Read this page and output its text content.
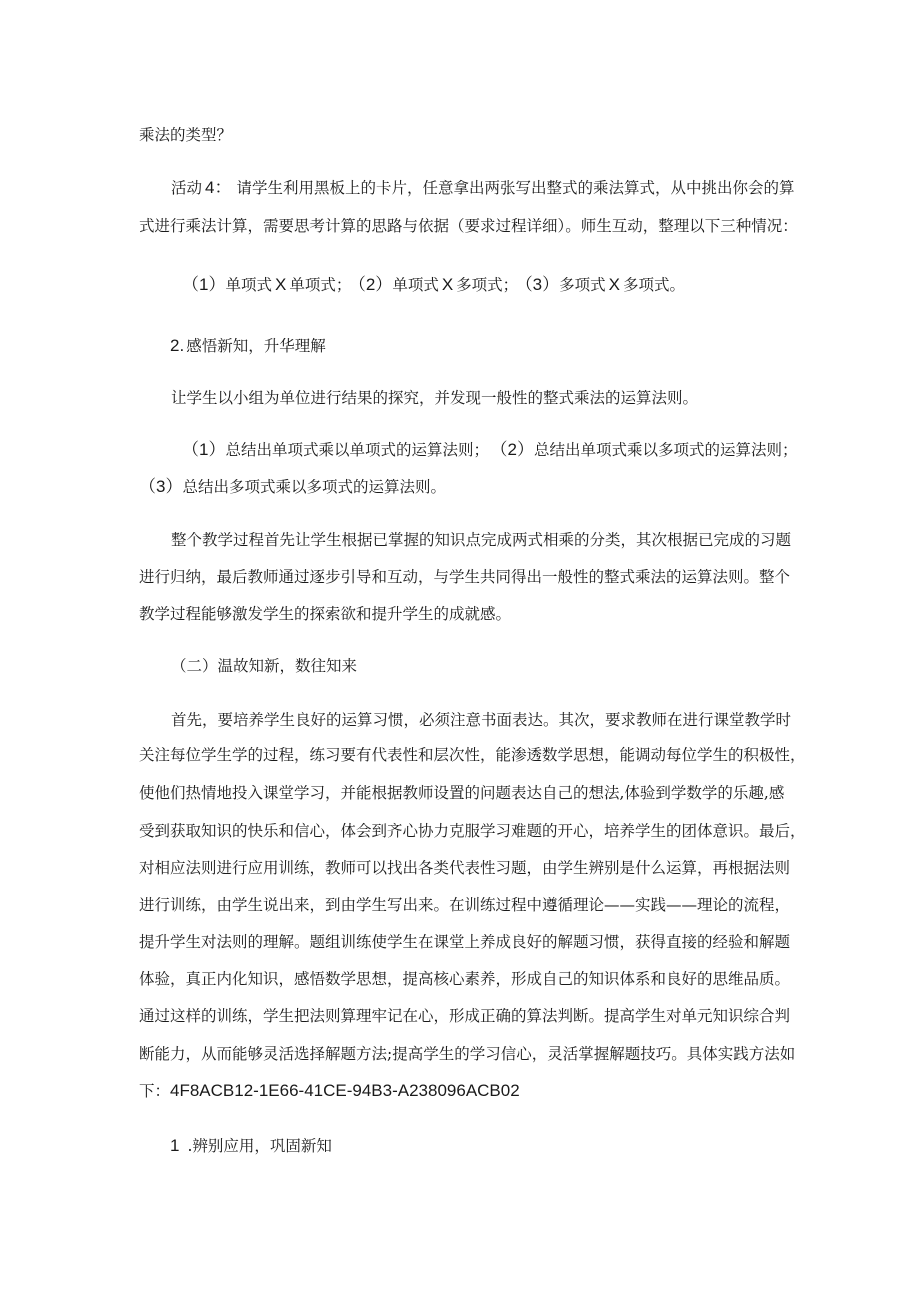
乘法的类型？

活动 4： 请学生利用黑板上的卡片，任意拿出两张写出整式的乘法算式，从中挑出你会的算

式进行乘法计算，需要思考计算的思路与依据（要求过程详细）。师生互动，整理以下三种情况：

（1）单项式 X 单项式； （2）单项式 X 多项式； （3）多项式 X 多项式。

2. 感悟新知，升华理解

让学生以小组为单位进行结果的探究，并发现一般性的整式乘法的运算法则。

（1）总结出单项式乘以单项式的运算法则； （2）总结出单项式乘以多项式的运算法则；

（3）总结出多项式乘以多项式的运算法则。

整个教学过程首先让学生根据已掌握的知识点完成两式相乘的分类，其次根据已完成的习题

进行归纳，最后教师通过逐步引导和互动，与学生共同得出一般性的整式乘法的运算法则。整个

教学过程能够激发学生的探索欲和提升学生的成就感。

（二）温故知新，数往知来

首先，要培养学生良好的运算习惯，必须注意书面表达。其次，要求教师在进行课堂教学时

关注每位学生学的过程，练习要有代表性和层次性，能渗透数学思想，能调动每位学生的积极性，

使他们热情地投入课堂学习，并能根据教师设置的问题表达自己的想法,体验到学数学的乐趣,感

受到获取知识的快乐和信心，体会到齐心协力克服学习难题的开心，培养学生的团体意识。最后，

对相应法则进行应用训练，教师可以找出各类代表性习题，由学生辨别是什么运算，再根据法则

进行训练，由学生说出来，到由学生写出来。在训练过程中遵循理论——实践——理论的流程，

提升学生对法则的理解。题组训练使学生在课堂上养成良好的解题习惯，获得直接的经验和解题

体验，真正内化知识，感悟数学思想，提高核心素养，形成自己的知识体系和良好的思维品质。

通过这样的训练，学生把法则算理牢记在心，形成正确的算法判断。提高学生对单元知识综合判

断能力，从而能够灵活选择解题方法;提高学生的学习信心，灵活掌握解题技巧。具体实践方法如

下：4F8ACB12-1E66-41CE-94B3-A238096ACB02

1 .辨别应用，巩固新知
